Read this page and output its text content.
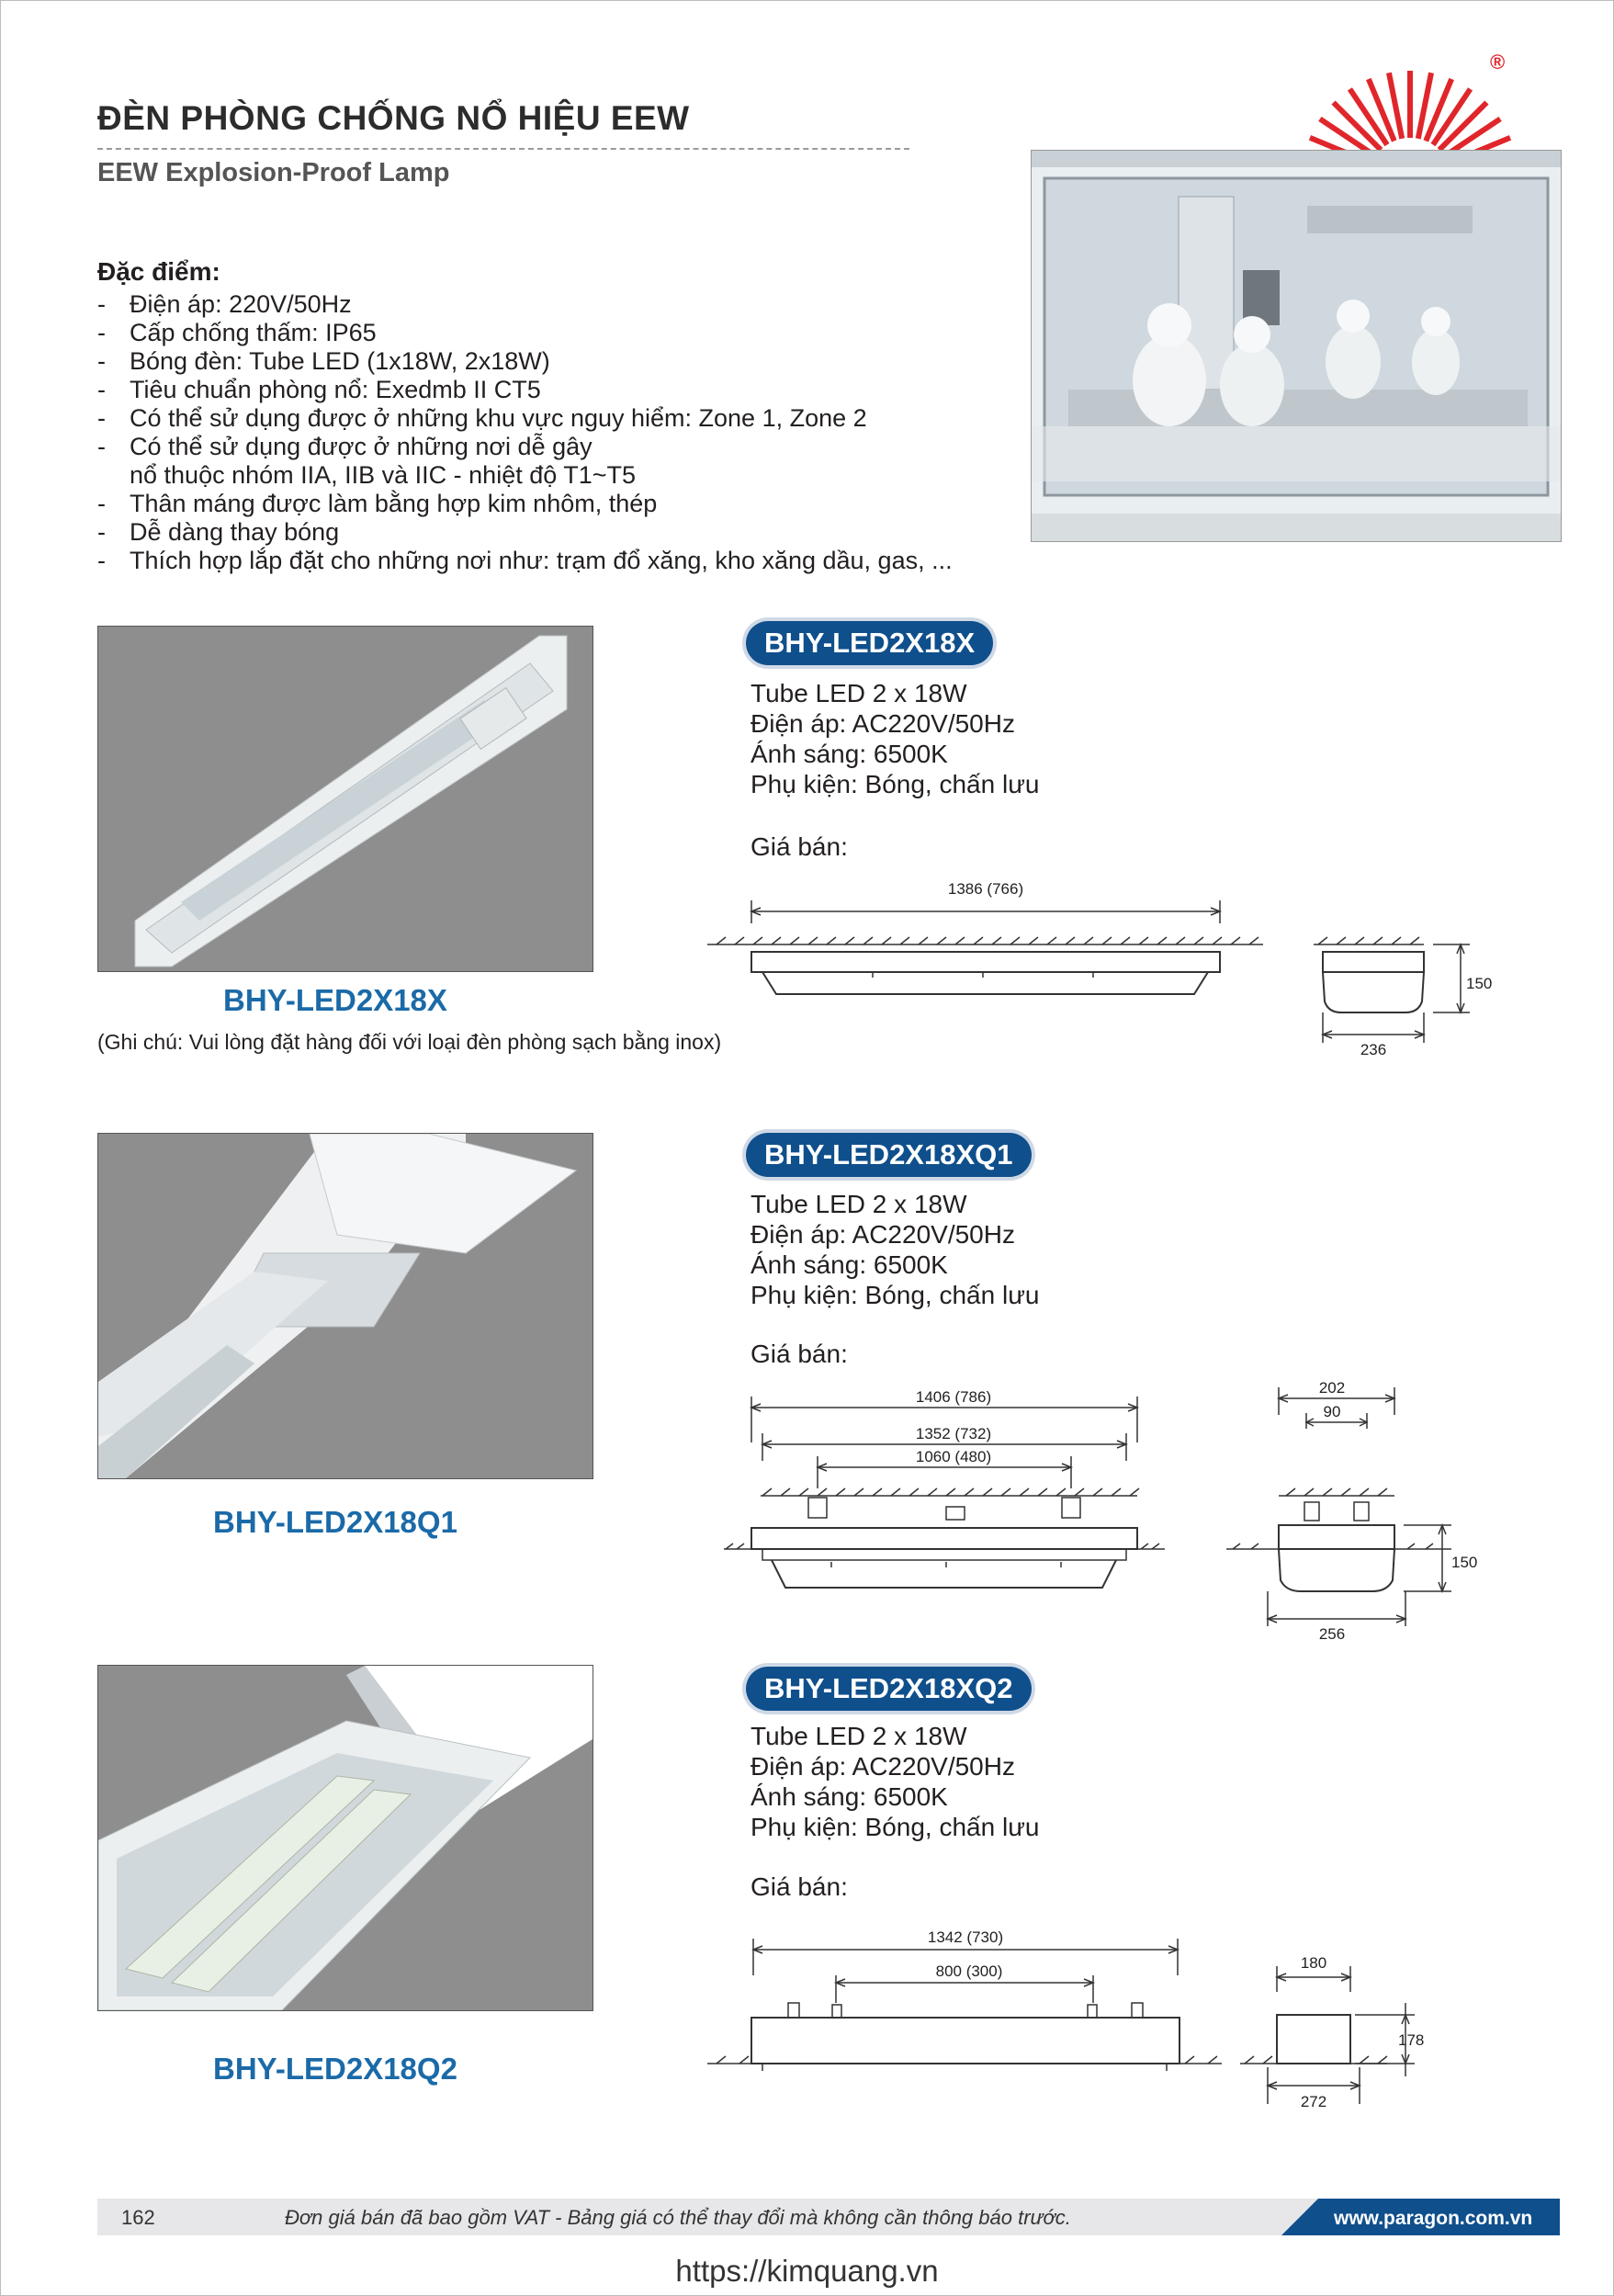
ĐÈN PHÒNG CHỐNG NỔ HIỆU EEW
EEW Explosion-Proof Lamp
®
Đặc điểm:
- Điện áp: 220V/50Hz
- Cấp chống thấm: IP65
- Bóng đèn: Tube LED (1x18W, 2x18W)
- Tiêu chuẩn phòng nổ: Exedmb II CT5
- Có thể sử dụng được ở những khu vực nguy hiểm: Zone 1, Zone 2
- Có thể sử dụng được ở những nơi dễ gây
nổ thuộc nhóm IIA, IIB và IIC - nhiệt độ T1~T5
- Thân máng được làm bằng hợp kim nhôm, thép
- Dễ dàng thay bóng
- Thích hợp lắp đặt cho những nơi như: trạm đổ xăng, kho xăng dầu, gas, ...
BHY-LED2X18X
Tube LED 2 x 18W
Điện áp: AC220V/50Hz
Ánh sáng: 6500K
Phụ kiện: Bóng, chấn lưu
Giá bán:
BHY-LED2X18X
(Ghi chú: Vui lòng đặt hàng đối với loại đèn phòng sạch bằng inox)
1386 (766)
150
236
BHY-LED2X18XQ1
Tube LED 2 x 18W
Điện áp: AC220V/50Hz
Ánh sáng: 6500K
Phụ kiện: Bóng, chấn lưu
Giá bán:
BHY-LED2X18Q1
1406 (786)
1352 (732)
1060 (480)
202
90
150
256
BHY-LED2X18XQ2
Tube LED 2 x 18W
Điện áp: AC220V/50Hz
Ánh sáng: 6500K
Phụ kiện: Bóng, chấn lưu
Giá bán:
BHY-LED2X18Q2
1342 (730)
800 (300)	180
178
272
162	Đơn giá bán đã bao gồm VAT - Bảng giá có thể thay đổi mà không cần thông báo trước.	www.paragon.com.vn
https://kimquang.vn
